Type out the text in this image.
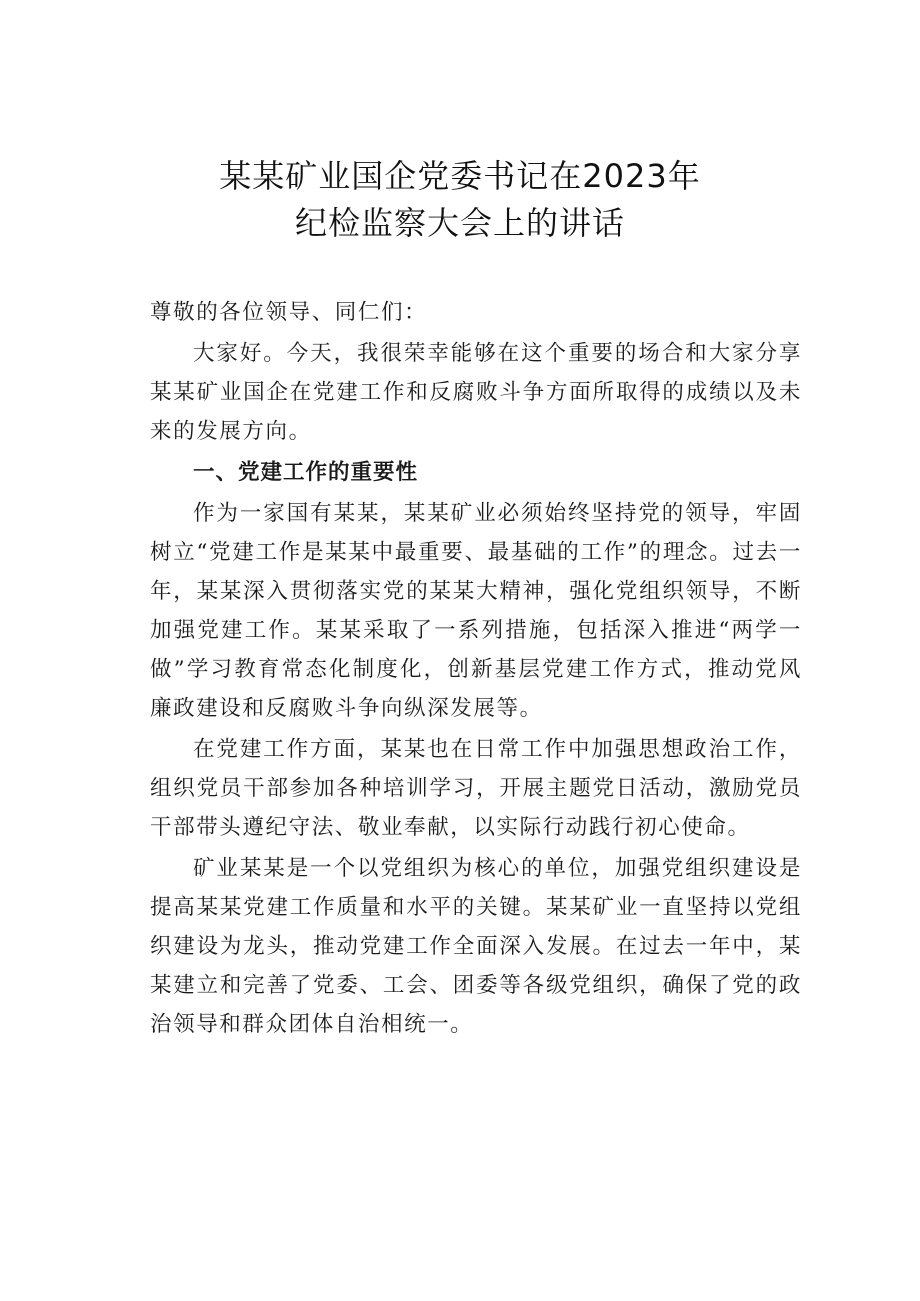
某某矿业国企党委书记在2023年
纪检监察大会上的讲话

尊敬的各位领导、同仁们：

大家好。今天，我很荣幸能够在这个重要的场合和大家分享某某矿业国企在党建工作和反腐败斗争方面所取得的成绩以及未来的发展方向。

一、党建工作的重要性

作为一家国有某某，某某矿业必须始终坚持党的领导，牢固树立“党建工作是某某中最重要、最基础的工作”的理念。过去一年，某某深入贯彻落实党的某某大精神，强化党组织领导，不断加强党建工作。某某采取了一系列措施，包括深入推进“两学一做”学习教育常态化制度化，创新基层党建工作方式，推动党风廉政建设和反腐败斗争向纵深发展等。

在党建工作方面，某某也在日常工作中加强思想政治工作，组织党员干部参加各种培训学习，开展主题党日活动，激励党员干部带头遵纪守法、敬业奉献，以实际行动践行初心使命。

矿业某某是一个以党组织为核心的单位，加强党组织建设是提高某某党建工作质量和水平的关键。某某矿业一直坚持以党组织建设为龙头，推动党建工作全面深入发展。在过去一年中，某某建立和完善了党委、工会、团委等各级党组织，确保了党的政治领导和群众团体自治相统一。
